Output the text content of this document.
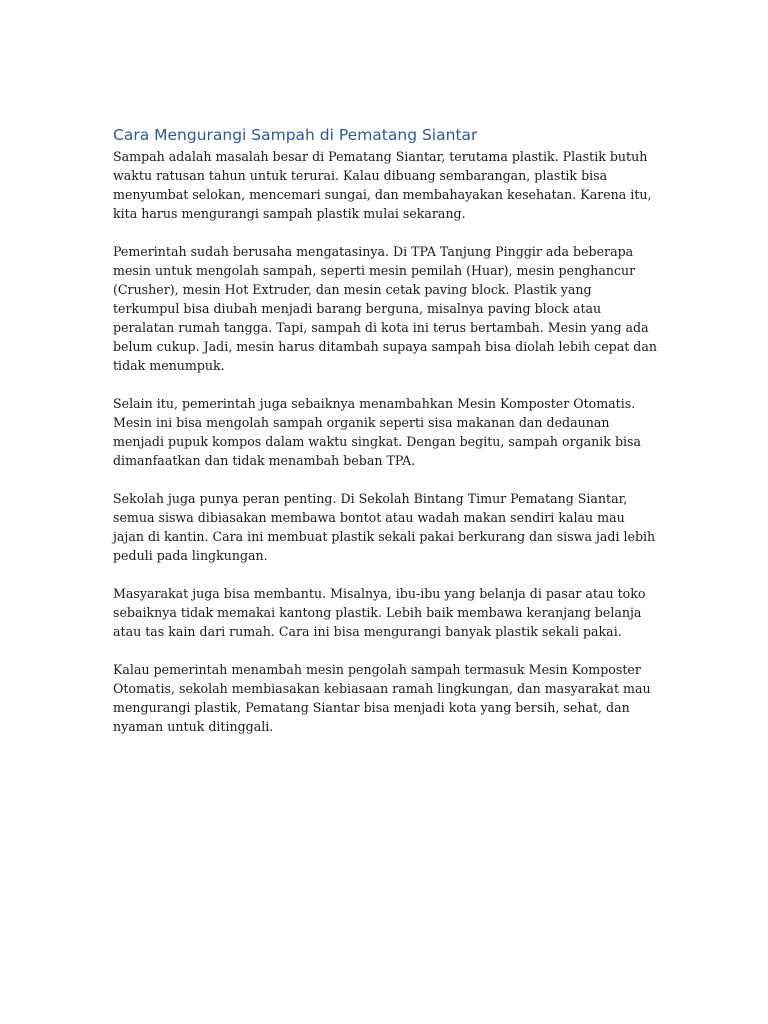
Cara Mengurangi Sampah di Pematang Siantar

Sampah adalah masalah besar di Pematang Siantar, terutama plastik. Plastik butuh waktu ratusan tahun untuk terurai. Kalau dibuang sembarangan, plastik bisa menyumbat selokan, mencemari sungai, dan membahayakan kesehatan. Karena itu, kita harus mengurangi sampah plastik mulai sekarang.

Pemerintah sudah berusaha mengatasinya. Di TPA Tanjung Pinggir ada beberapa mesin untuk mengolah sampah, seperti mesin pemilah (Huar), mesin penghancur (Crusher), mesin Hot Extruder, dan mesin cetak paving block. Plastik yang terkumpul bisa diubah menjadi barang berguna, misalnya paving block atau peralatan rumah tangga. Tapi, sampah di kota ini terus bertambah. Mesin yang ada belum cukup. Jadi, mesin harus ditambah supaya sampah bisa diolah lebih cepat dan tidak menumpuk.

Selain itu, pemerintah juga sebaiknya menambahkan Mesin Komposter Otomatis. Mesin ini bisa mengolah sampah organik seperti sisa makanan dan dedaunan menjadi pupuk kompos dalam waktu singkat. Dengan begitu, sampah organik bisa dimanfaatkan dan tidak menambah beban TPA.

Sekolah juga punya peran penting. Di Sekolah Bintang Timur Pematang Siantar, semua siswa dibiasakan membawa bontot atau wadah makan sendiri kalau mau jajan di kantin. Cara ini membuat plastik sekali pakai berkurang dan siswa jadi lebih peduli pada lingkungan.

Masyarakat juga bisa membantu. Misalnya, ibu-ibu yang belanja di pasar atau toko sebaiknya tidak memakai kantong plastik. Lebih baik membawa keranjang belanja atau tas kain dari rumah. Cara ini bisa mengurangi banyak plastik sekali pakai.

Kalau pemerintah menambah mesin pengolah sampah termasuk Mesin Komposter Otomatis, sekolah membiasakan kebiasaan ramah lingkungan, dan masyarakat mau mengurangi plastik, Pematang Siantar bisa menjadi kota yang bersih, sehat, dan nyaman untuk ditinggali.
